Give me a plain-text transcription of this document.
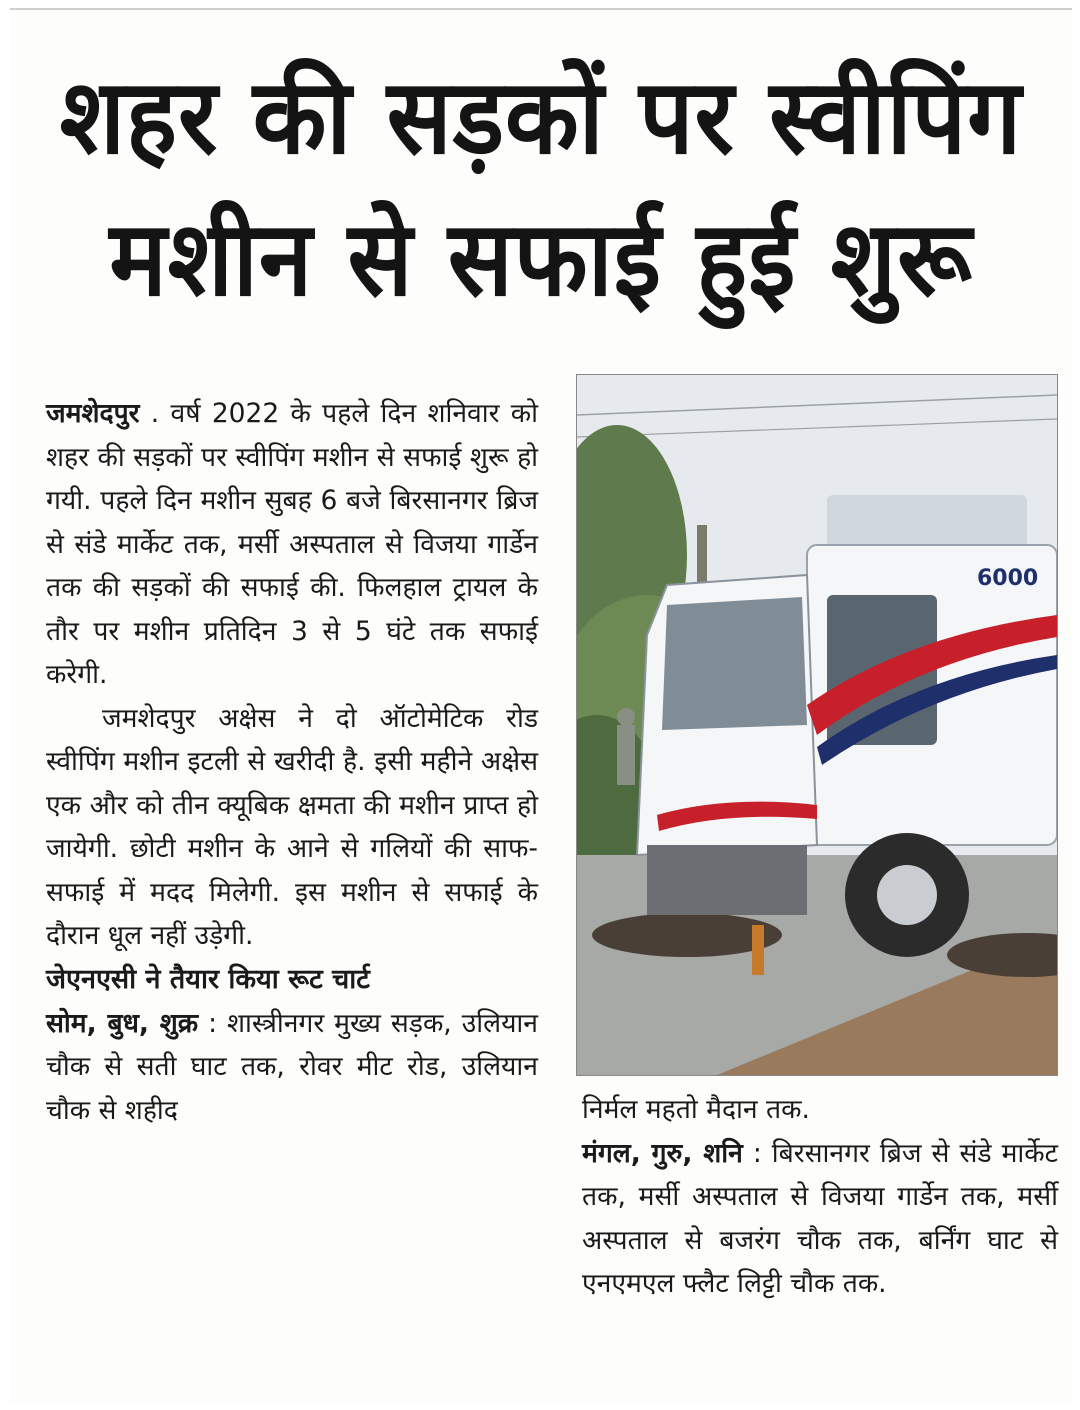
शहर की सड़कों पर स्वीपिंग
मशीन से सफाई हुई शुरू

जमशेदपुर . वर्ष 2022 के पहले दिन शनिवार को शहर की सड़कों पर स्वीपिंग मशीन से सफाई शुरू हो गयी. पहले दिन मशीन सुबह 6 बजे बिरसानगर ब्रिज से संडे मार्केट तक, मर्सी अस्पताल से विजया गार्डेन तक की सड़कों की सफाई की. फिलहाल ट्रायल के तौर पर मशीन प्रतिदिन 3 से 5 घंटे तक सफाई करेगी.

जमशेदपुर अक्षेस ने दो ऑटोमेटिक रोड स्वीपिंग मशीन इटली से खरीदी है. इसी महीने अक्षेस एक और को तीन क्यूबिक क्षमता की मशीन प्राप्त हो जायेगी. छोटी मशीन के आने से गलियों की साफ-सफाई में मदद मिलेगी. इस मशीन से सफाई के दौरान धूल नहीं उड़ेगी.

जेएनएसी ने तैयार किया रूट चार्ट

सोम, बुध, शुक्र : शास्त्रीनगर मुख्य सड़क, उलियान चौक से सती घाट तक, रोवर मीट रोड, उलियान चौक से शहीद

6000

निर्मल महतो मैदान तक.

मंगल, गुरु, शनि : बिरसानगर ब्रिज से संडे मार्केट तक, मर्सी अस्पताल से विजया गार्डेन तक, मर्सी अस्पताल से बजरंग चौक तक, बर्निंग घाट से एनएमएल फ्लैट लिट्टी चौक तक.
